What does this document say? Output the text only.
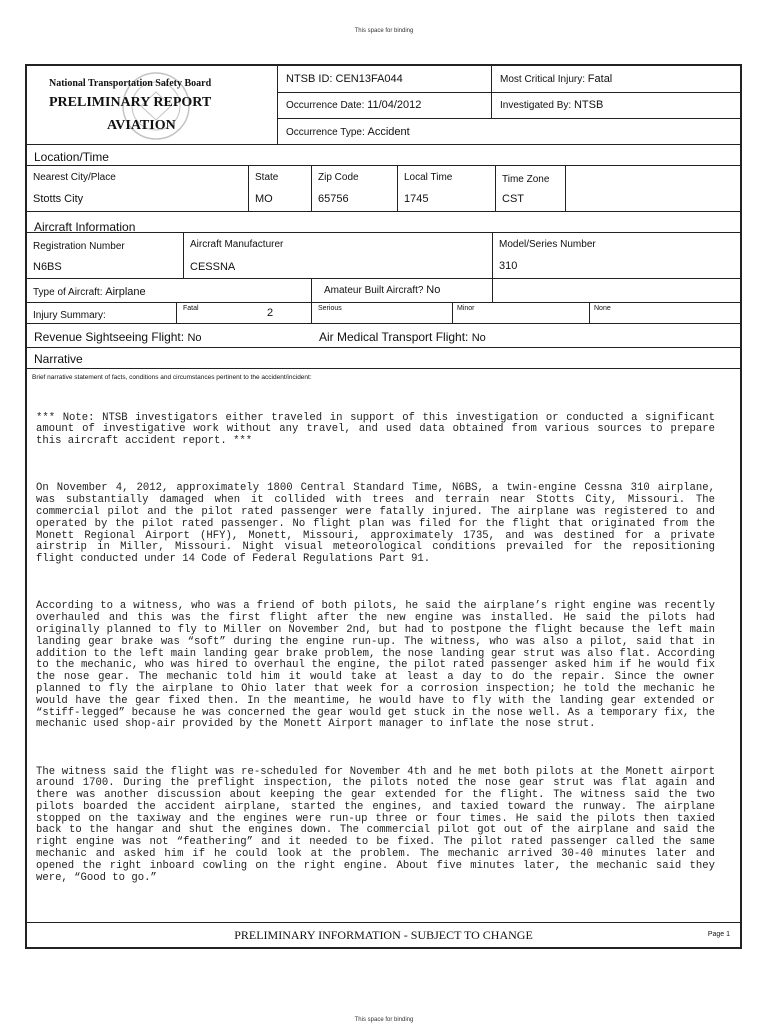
This space for binding
National Transportation Safety Board
PRELIMINARY REPORT
AVIATION
NTSB ID: CEN13FA044	Most Critical Injury: Fatal
Occurrence Date: 11/04/2012	Investigated By: NTSB
Occurrence Type: Accident
Location/Time
Nearest City/Place
Stotts City
State
MO
Zip Code
65756
Local Time
1745
Time Zone
CST
Aircraft Information
Registration Number
N6BS
Aircraft Manufacturer
CESSNA
Model/Series Number
310
Type of Aircraft: Airplane	Amateur Built Aircraft? No
Injury Summary:
Fatal	2	Serious	Minor	None
Revenue Sightseeing Flight: No	Air Medical Transport Flight: No
Narrative
Brief narrative statement of facts, conditions and circumstances pertinent to the accident/incident:

*** Note: NTSB investigators either traveled in support of this investigation or conducted a significant amount of investigative work without any travel, and used data obtained from various sources to prepare this aircraft accident report. ***

On November 4, 2012, approximately 1800 Central Standard Time, N6BS, a twin-engine Cessna 310 airplane, was substantially damaged when it collided with trees and terrain near Stotts City, Missouri. The commercial pilot and the pilot rated passenger were fatally injured. The airplane was registered to and operated by the pilot rated passenger. No flight plan was filed for the flight that originated from the Monett Regional Airport (HFY), Monett, Missouri, approximately 1735, and was destined for a private airstrip in Miller, Missouri. Night visual meteorological conditions prevailed for the repositioning flight conducted under 14 Code of Federal Regulations Part 91.

According to a witness, who was a friend of both pilots, he said the airplane’s right engine was recently overhauled and this was the first flight after the new engine was installed. He said the pilots had originally planned to fly to Miller on November 2nd, but had to postpone the flight because the left main landing gear brake was “soft” during the engine run-up. The witness, who was also a pilot, said that in addition to the left main landing gear brake problem, the nose landing gear strut was also flat. According to the mechanic, who was hired to overhaul the engine, the pilot rated passenger asked him if he would fix the nose gear. The mechanic told him it would take at least a day to do the repair. Since the owner planned to fly the airplane to Ohio later that week for a corrosion inspection; he told the mechanic he would have the gear fixed then. In the meantime, he would have to fly with the landing gear extended or “stiff-legged” because he was concerned the gear would get stuck in the nose well. As a temporary fix, the mechanic used shop-air provided by the Monett Airport manager to inflate the nose strut.

The witness said the flight was re-scheduled for November 4th and he met both pilots at the Monett airport around 1700. During the preflight inspection, the pilots noted the nose gear strut was flat again and there was another discussion about keeping the gear extended for the flight. The witness said the two pilots boarded the accident airplane, started the engines, and taxied toward the runway. The airplane stopped on the taxiway and the engines were run-up three or four times. He said the pilots then taxied back to the hangar and shut the engines down. The commercial pilot got out of the airplane and said the right engine was not “feathering” and it needed to be fixed. The pilot rated passenger called the same mechanic and asked him if he could look at the problem. The mechanic arrived 30-40 minutes later and opened the right inboard cowling on the right engine. About five minutes later, the mechanic said they were, “Good to go.”

PRELIMINARY INFORMATION - SUBJECT TO CHANGE	Page 1
This space for binding
